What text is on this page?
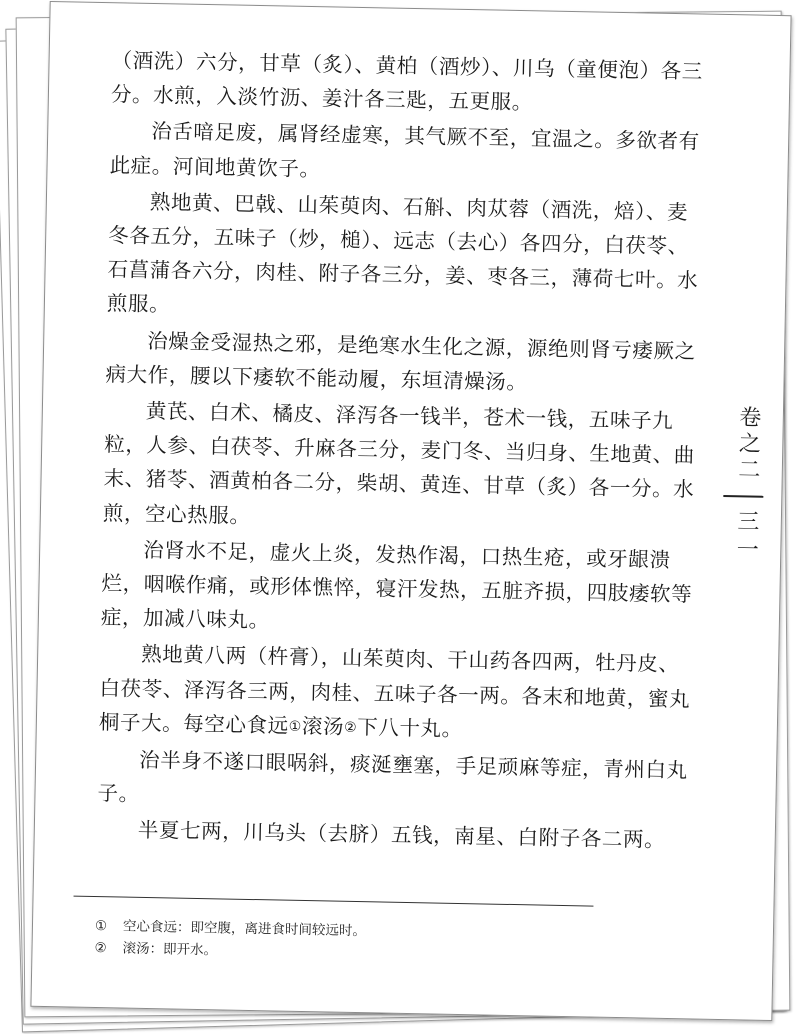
（酒洗）六分，甘草（炙）、黄柏（酒炒）、川乌（童便泡）各三分。水煎，入淡竹沥、姜汁各三匙，五更服。

治舌喑足废，属肾经虚寒，其气厥不至，宜温之。多欲者有此症。河间地黄饮子。

熟地黄、巴戟、山茱萸肉、石斛、肉苁蓉（酒洗，焙）、麦冬各五分，五味子（炒，槌）、远志（去心）各四分，白茯苓、石菖蒲各六分，肉桂、附子各三分，姜、枣各三，薄荷七叶。水煎服。

治燥金受湿热之邪，是绝寒水生化之源，源绝则肾亏痿厥之病大作，腰以下痿软不能动履，东垣清燥汤。

黄芪、白术、橘皮、泽泻各一钱半，苍术一钱，五味子九粒，人参、白茯苓、升麻各三分，麦门冬、当归身、生地黄、曲末、猪苓、酒黄柏各二分，柴胡、黄连、甘草（炙）各一分。水煎，空心热服。

治肾水不足，虚火上炎，发热作渴，口热生疮，或牙龈溃烂，咽喉作痛，或形体憔悴，寝汗发热，五脏齐损，四肢痿软等症，加减八味丸。

熟地黄八两（杵膏），山茱萸肉、干山药各四两，牡丹皮、白茯苓、泽泻各三两，肉桂、五味子各一两。各末和地黄，蜜丸桐子大。每空心食远①滚汤②下八十丸。

治半身不遂口眼㖞斜，痰涎壅塞，手足顽麻等症，青州白丸子。

半夏七两，川乌头（去脐）五钱，南星、白附子各二两。

卷之二
三一
①	空心食远：即空腹，离进食时间较远时。
②	滚汤：即开水。
